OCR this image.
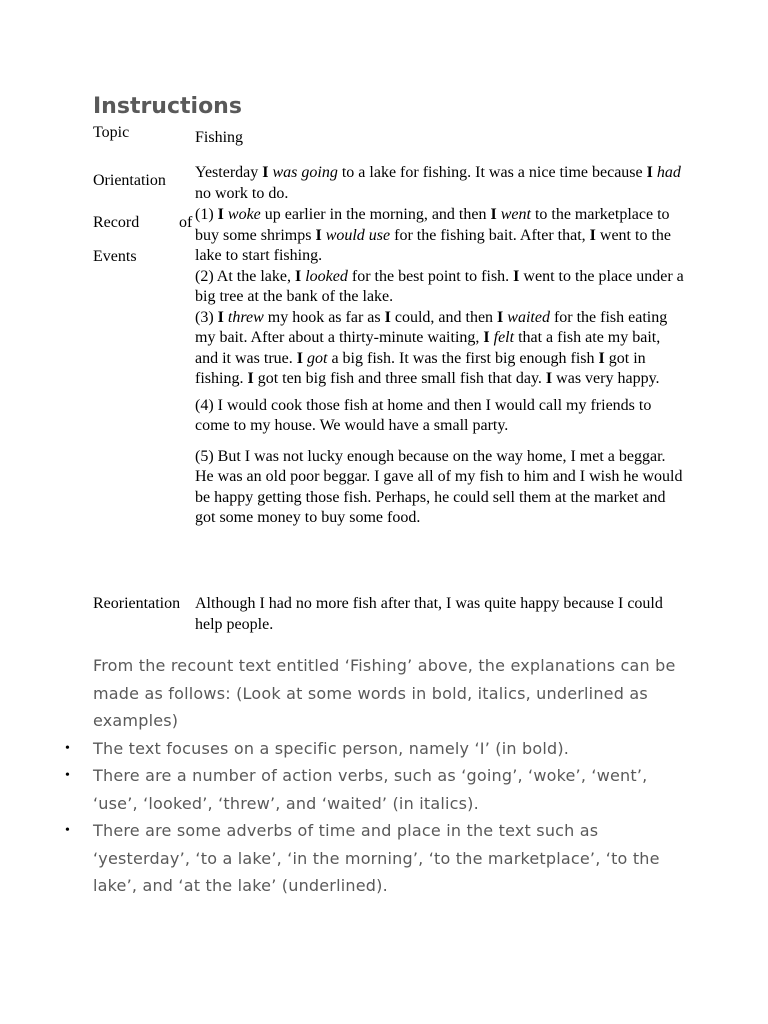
Instructions
Topic	Fishing
Orientation Yesterday I was going to a lake for fishing. It was a nice time because I had no work to do.

Record of
Events

(1) I woke up earlier in the morning, and then I went to the marketplace to buy some shrimps I would use for the fishing bait. After that, I went to the lake to start fishing.

(2) At the lake, I looked for the best point to fish. I went to the place under a big tree at the bank of the lake.

(3) I threw my hook as far as I could, and then I waited for the fish eating my bait. After about a thirty-minute waiting, I felt that a fish ate my bait, and it was true. I got a big fish. It was the first big enough fish I got in fishing. I got ten big fish and three small fish that day. I was very happy.

(4) I would cook those fish at home and then I would call my friends to come to my house. We would have a small party.

(5) But I was not lucky enough because on the way home, I met a beggar. He was an old poor beggar. I gave all of my fish to him and I wish he would be happy getting those fish. Perhaps, he could sell them at the market and got some money to buy some food.

Reorientation Although I had no more fish after that, I was quite happy because I could help people.

From the recount text entitled ‘Fishing’ above, the explanations can be made as follows: (Look at some words in bold, italics, underlined as examples)

• The text focuses on a specific person, namely ‘I’ (in bold).
• There are a number of action verbs, such as ‘going’, ‘woke’, ‘went’, ‘use’, ‘looked’, ‘threw’, and ‘waited’ (in italics).
• There are some adverbs of time and place in the text such as ‘yesterday’, ‘to a lake’, ‘in the morning’, ‘to the marketplace’, ‘to the lake’, and ‘at the lake’ (underlined).
